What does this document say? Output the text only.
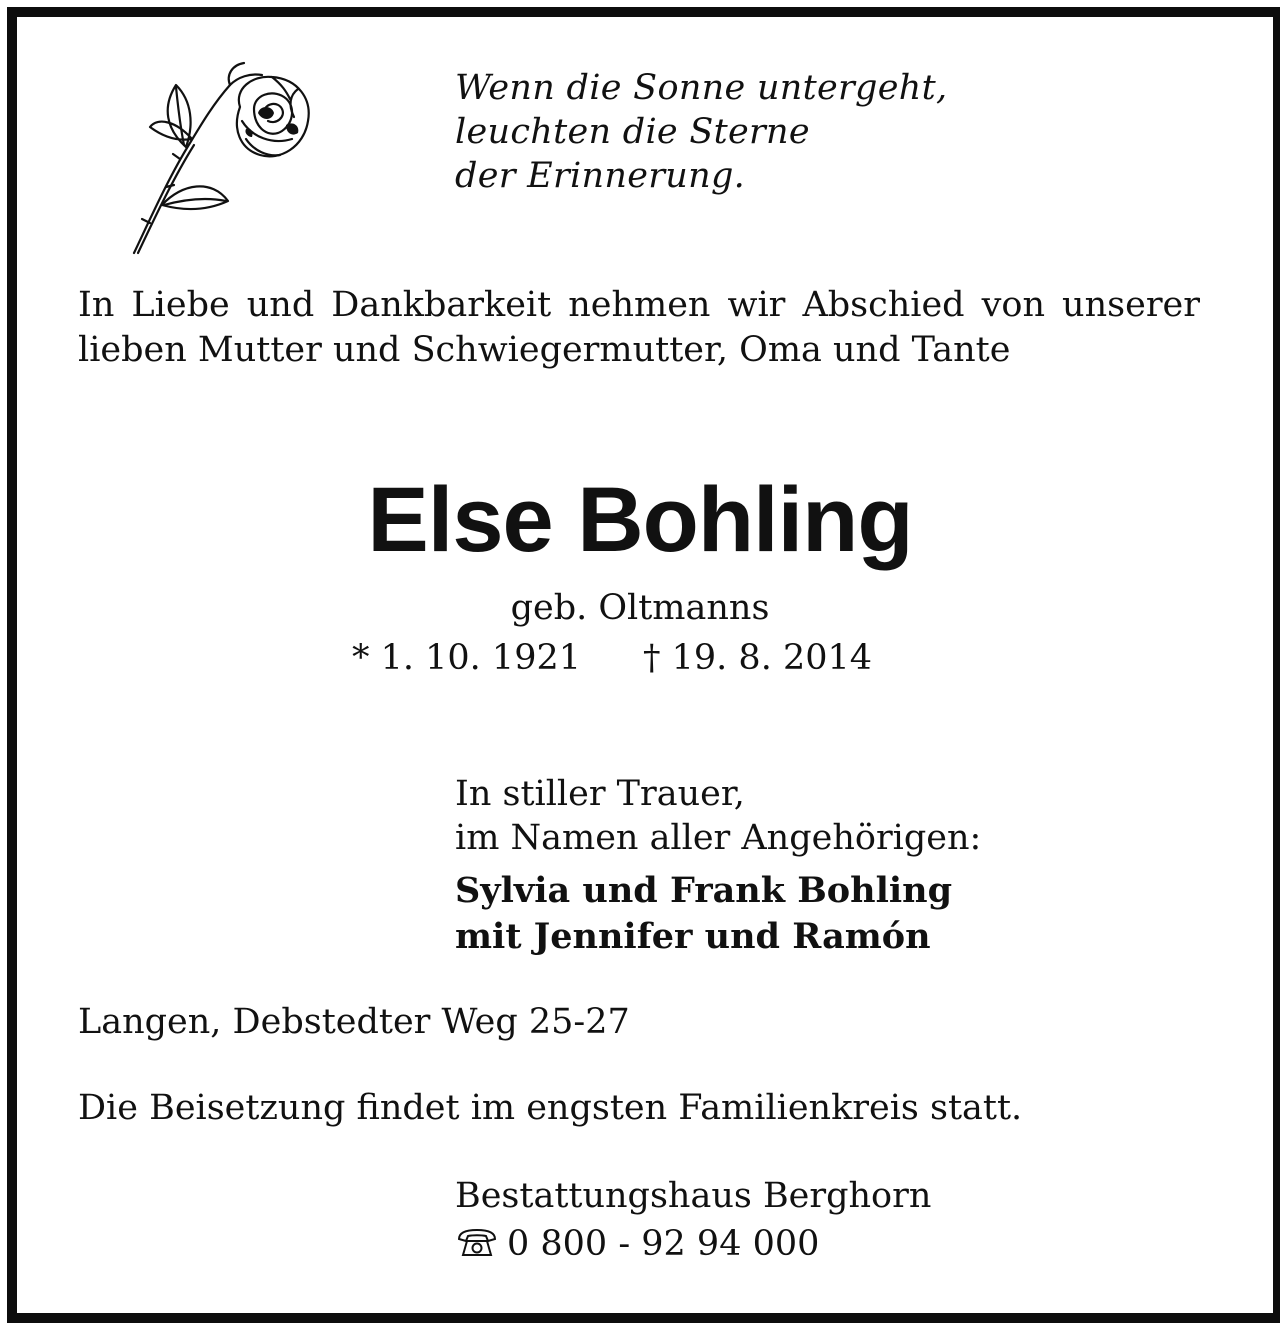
Wenn die Sonne untergeht,
leuchten die Sterne
der Erinnerung.
In Liebe und Dankbarkeit nehmen wir Abschied von unserer lieben Mutter und Schwiegermutter, Oma und Tante
Else Bohling
geb. Oltmanns
* 1. 10. 1921 † 19. 8. 2014
In stiller Trauer,
im Namen aller Angehörigen:
Sylvia und Frank Bohling
mit Jennifer und Ramón
Langen, Debstedter Weg 25-27
Die Beisetzung findet im engsten Familienkreis statt.
Bestattungshaus Berghorn
0 800 - 92 94 000
